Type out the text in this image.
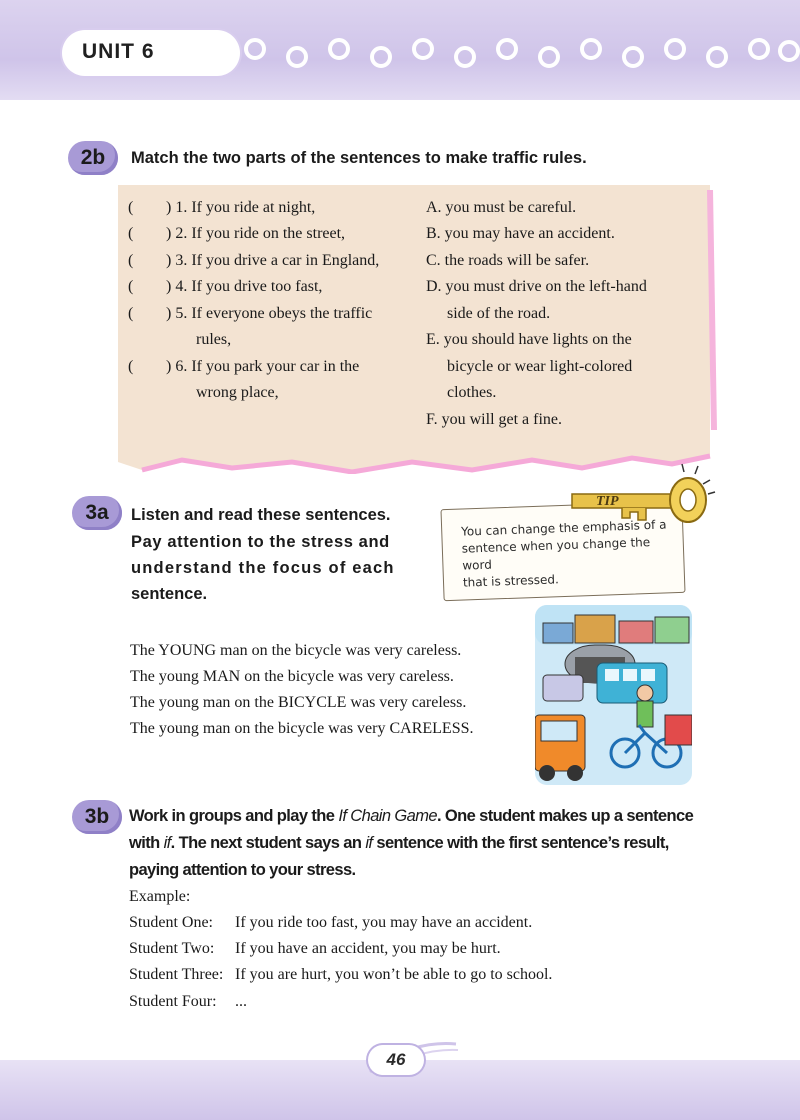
UNIT 6
2b	Match the two parts of the sentences to make traffic rules.
( ) 1. If you ride at night,
( ) 2. If you ride on the street,
( ) 3. If you drive a car in England,
( ) 4. If you drive too fast,
( ) 5. If everyone obeys the traffic
rules,
( ) 6. If you park your car in the
wrong place,
A. you must be careful.
B. you may have an accident.
C. the roads will be safer.
D. you must drive on the left-hand
side of the road.
E. you should have lights on the
bicycle or wear light-colored
clothes.
F. you will get a fine.
3a	Listen and read these sentences.
Pay attention to the stress and
understand the focus of each
sentence.
TIP
You can change the emphasis of a
sentence when you change the word
that is stressed.
The YOUNG man on the bicycle was very careless.
The young MAN on the bicycle was very careless.
The young man on the BICYCLE was very careless.
The young man on the bicycle was very CARELESS.
3b	Work in groups and play the If Chain Game. One student makes up a sentence
with if. The next student says an if sentence with the first sentence’s result,
paying attention to your stress.
Example:
Student One: If you ride too fast, you may have an accident.
Student Two: If you have an accident, you may be hurt.
Student Three: If you are hurt, you won’t be able to go to school.
Student Four: ...
46
